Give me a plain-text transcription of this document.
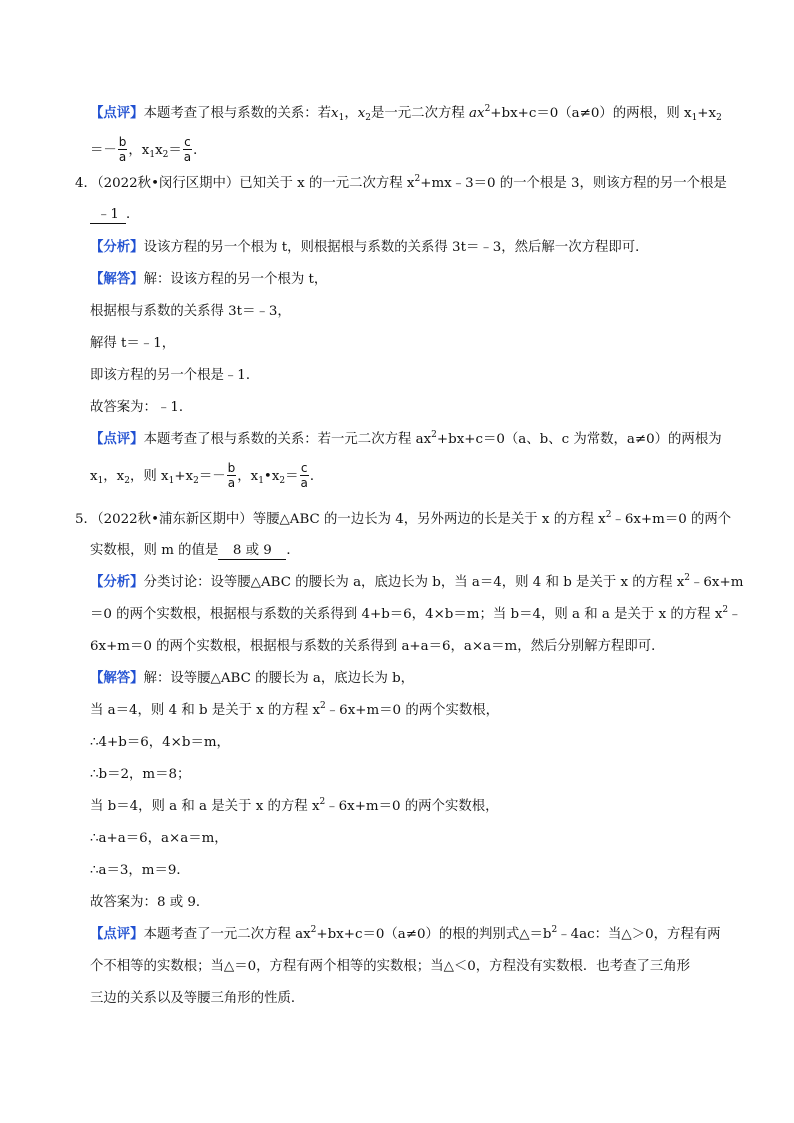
【点评】本题考查了根与系数的关系：若$x_1$，$x_2$是一元二次方程 $ax^2+bx+c=0(a\ne 0)$的两根，则 $x_1+x_2$
＝－ $\frac{b}{a}$ ，$x_1x_2= \frac{c}{a}$ ．
4．（2022秋•闵行区期中）已知关于 x 的一元二次方程 $x^2+mx﹣3=0$ 的一个根是 3，则该方程的另一个根是
﹣1 ．
【分析】设该方程的另一个根为 t，则根据根与系数的关系得 3t＝﹣3，然后解一次方程即可．
【解答】解：设该方程的另一个根为 t，
根据根与系数的关系得 3t＝﹣3，
解得 t＝﹣1，
即该方程的另一个根是﹣1．
故答案为：﹣1．
【点评】本题考查了根与系数的关系：若一元二次方程 $ax^2+bx+c=0(a$、b、c 为常数，a≠0）的两根为
$x_1$，$x_2$，则 $x_1+x_2=- \frac{b}{a}$ ，$x_1•x_2= \frac{c}{a}$ ．
5．（2022秋•浦东新区期中）等腰△ABC 的一边长为 4，另外两边的长是关于 x 的方程 $x^2﹣6x+m=0$ 的两个
实数根，则 m 的值是 8 或 9 ．
【分析】分类讨论：设等腰△ABC 的腰长为 a，底边长为 b，当 a＝4，则 4 和 b 是关于 x 的方程 $x^2﹣6x+m$
＝0 的两个实数根，根据根与系数的关系得到 4+b＝6，4×b＝m；当 b＝4，则 a 和 a 是关于 x 的方程 $x^2﹣$
6x+m＝0 的两个实数根，根据根与系数的关系得到 a+a＝6，a×a＝m，然后分别解方程即可．
【解答】解：设等腰△ABC 的腰长为 a，底边长为 b，
当 a＝4，则 4 和 b 是关于 x 的方程 $x^2﹣6x+m=0$ 的两个实数根，
∴4+b＝6，4×b＝m，
∴b＝2，m＝8；
当 b＝4，则 a 和 a 是关于 x 的方程 $x^2﹣6x+m=0$ 的两个实数根，
∴a+a＝6，a×a＝m，
∴a＝3，m＝9．
故答案为：8 或 9．
【点评】本题考查了一元二次方程 $ax^2+bx+c=0(a\ne 0)$的根的判别式$\triangle=b^2﹣4ac$：当△＞0，方程有两
个不相等的实数根；当△＝0，方程有两个相等的实数根；当△＜0，方程没有实数根．也考查了三角形
三边的关系以及等腰三角形的性质．
